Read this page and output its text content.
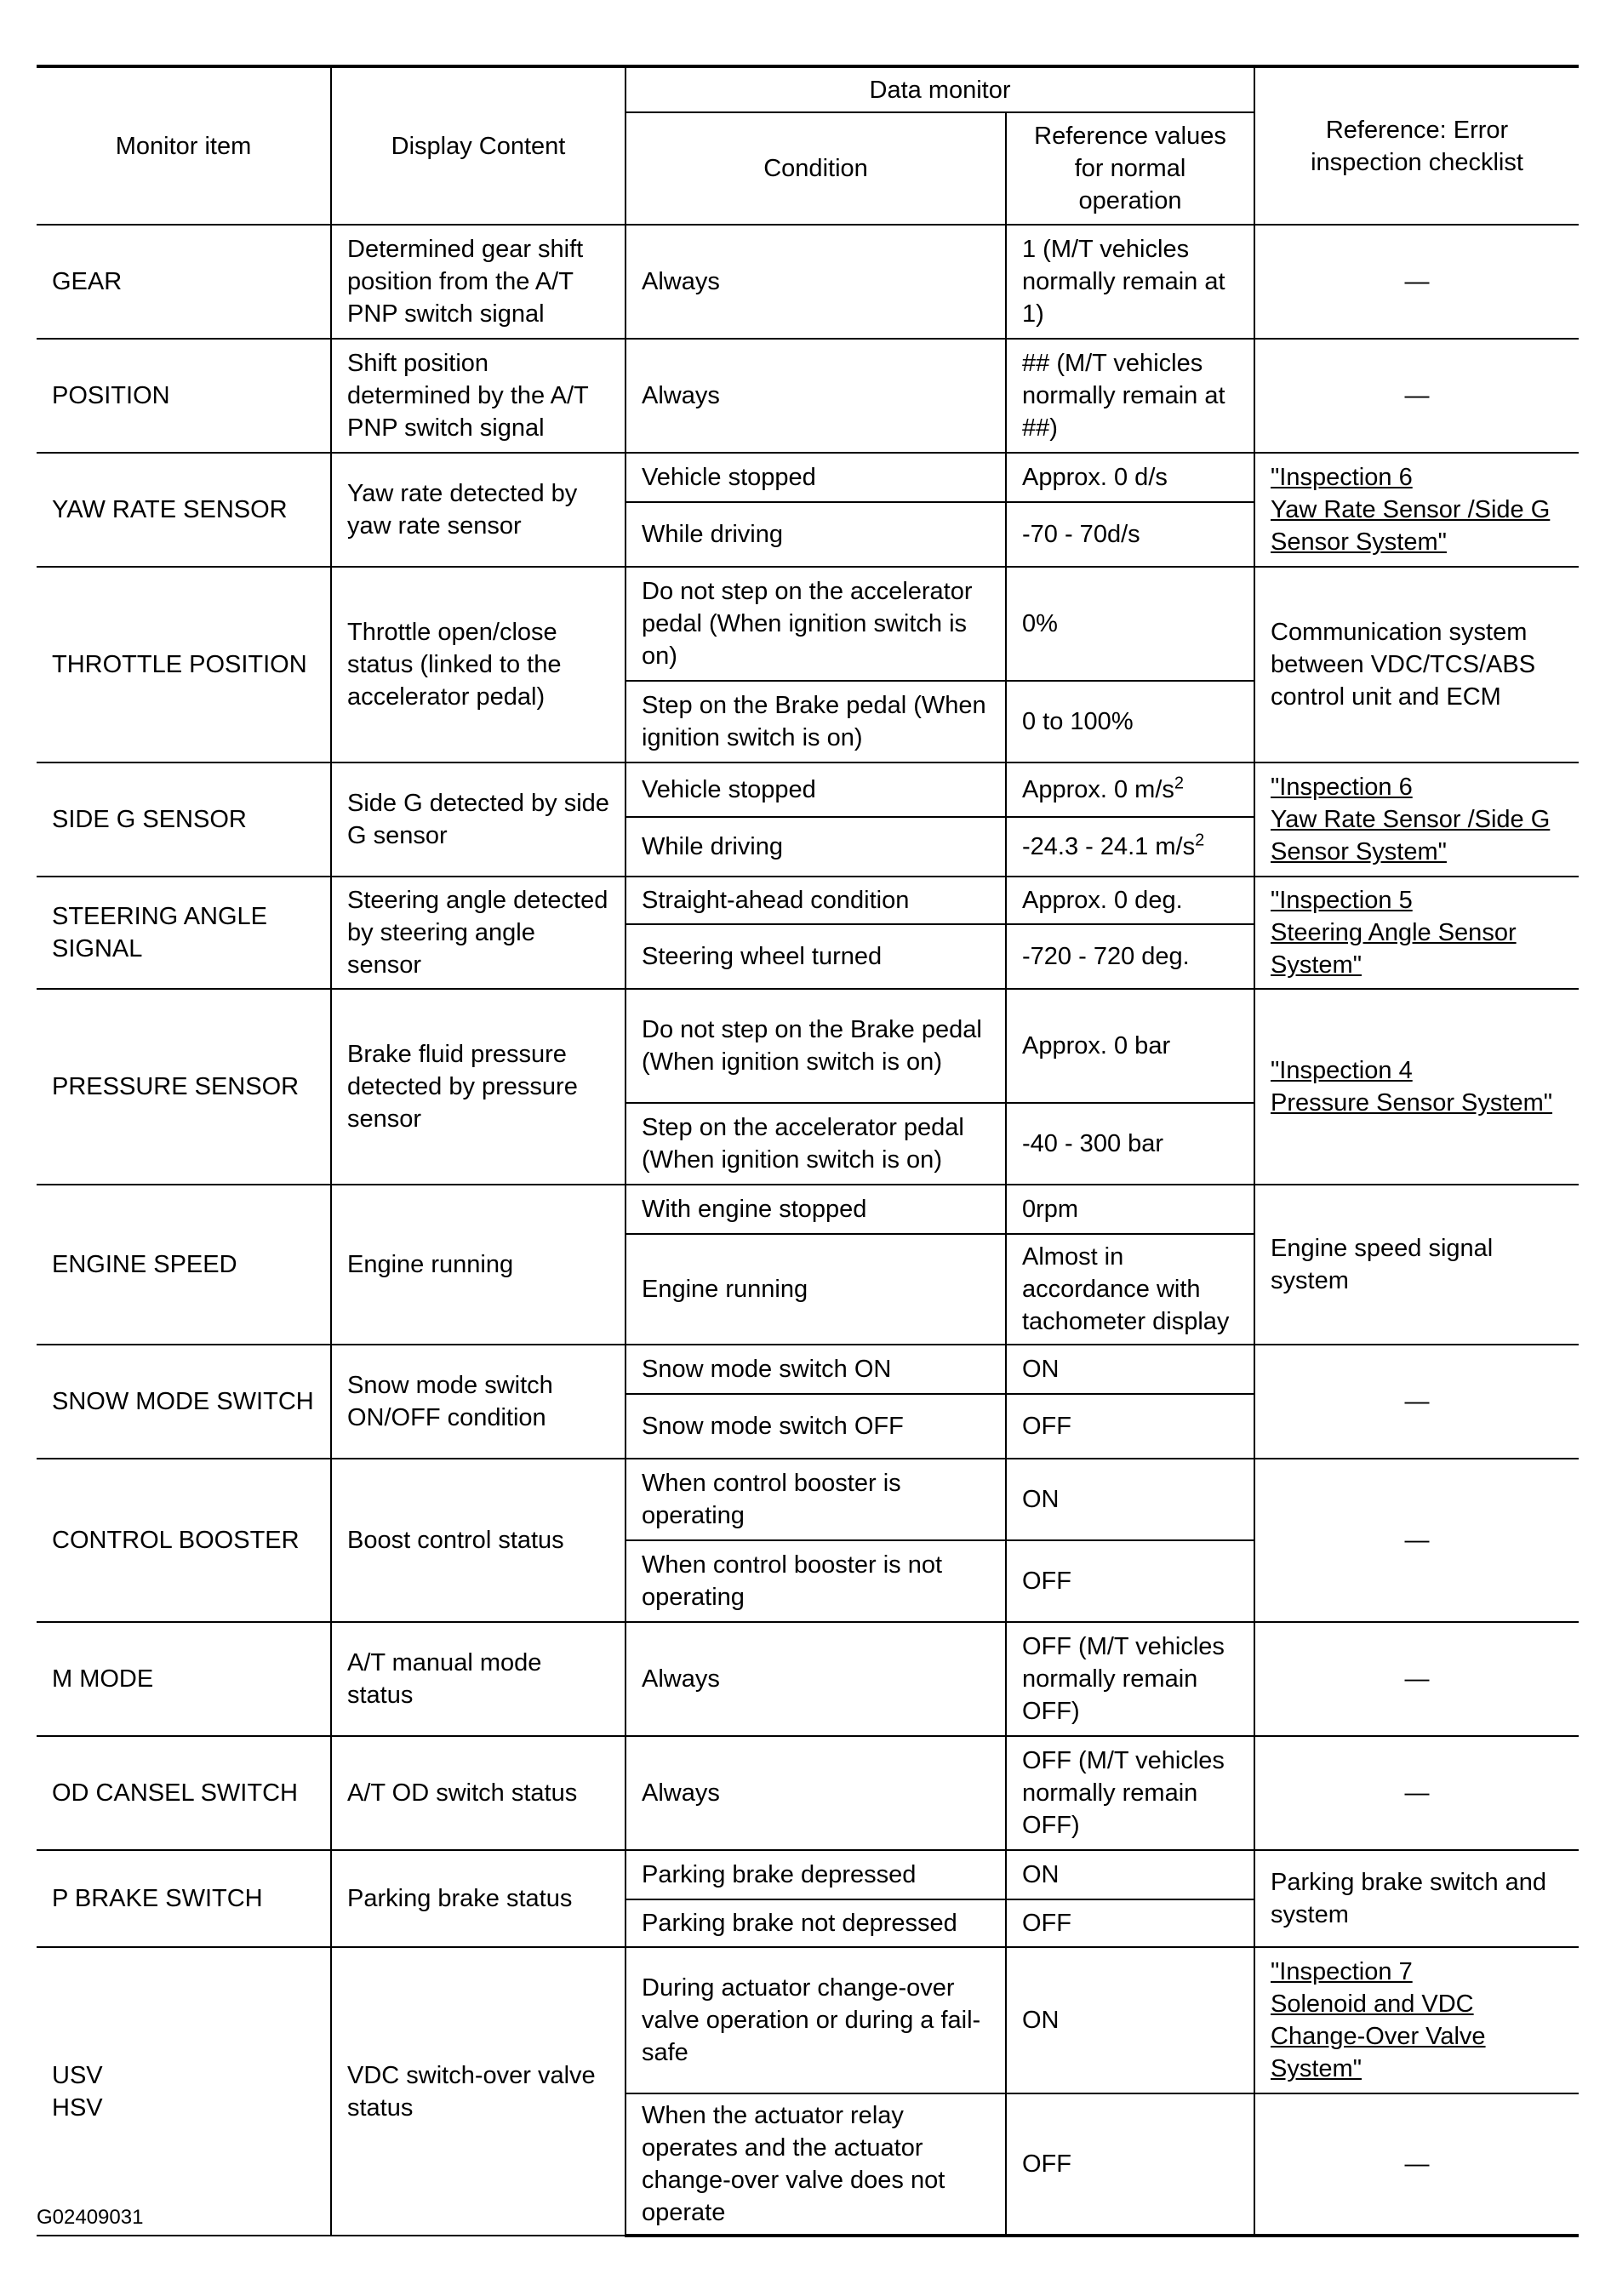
Monitor item	Display Content	Data monitor		Reference: Error inspection checklist
		Condition	Reference values for normal operation	
GEAR	Determined gear shift position from the A/T PNP switch signal	Always	1 (M/T vehicles normally remain at 1)	—
POSITION	Shift position determined by the A/T PNP switch signal	Always	## (M/T vehicles normally remain at ##)	—
YAW RATE SENSOR	Yaw rate detected by yaw rate sensor	Vehicle stopped	Approx. 0 d/s	"Inspection 6
Yaw Rate Sensor /Side G
Sensor System"
		While driving	-70 - 70d/s	
THROTTLE POSITION	Throttle open/close status (linked to the accelerator pedal)	Do not step on the accelerator pedal (When ignition switch is on)	0%	Communication system between VDC/TCS/ABS control unit and ECM
		Step on the Brake pedal (When ignition switch is on)	0 to 100%	
SIDE G SENSOR	Side G detected by side G sensor	Vehicle stopped	Approx. 0 $m/s^2$	"Inspection 6
Yaw Rate Sensor /Side G
Sensor System"
		While driving	-24.3 - 24.1 $m/s^2$
STEERING ANGLE SIGNAL	Steering angle detected by steering angle sensor	Straight-ahead condition	Approx. 0 deg.	"Inspection 5
Steering Angle Sensor
System"
		Steering wheel turned	-720 - 720 deg.	
PRESSURE SENSOR	Brake fluid pressure detected by pressure sensor	Do not step on the Brake pedal (When ignition switch is on)	Approx. 0 bar	"Inspection 4
Pressure Sensor System"
		Step on the accelerator pedal (When ignition switch is on)	-40 - 300 bar	
ENGINE SPEED	Engine running	With engine stopped	0rpm	Engine speed signal system
		Engine running	Almost in accordance with tachometer display	
SNOW MODE SWITCH	Snow mode switch ON/OFF condition	Snow mode switch ON	ON	—
		Snow mode switch OFF	OFF	
CONTROL BOOSTER	Boost control status	When control booster is operating	ON	—
		When control booster is not operating	OFF	
M MODE	A/T manual mode status	Always	OFF (M/T vehicles normally remain OFF)	—
OD CANSEL SWITCH	A/T OD switch status	Always	OFF (M/T vehicles normally remain OFF)	—
P BRAKE SWITCH	Parking brake status	Parking brake depressed	ON	Parking brake switch and system
		Parking brake not depressed	OFF	
USV
HSV	VDC switch-over valve status	During actuator change-over valve operation or during a fail-safe	ON	"Inspection 7
Solenoid and VDC
Change-Over Valve System"
		When the actuator relay operates and the actuator change-over valve does not operate	OFF	—
G02409031
